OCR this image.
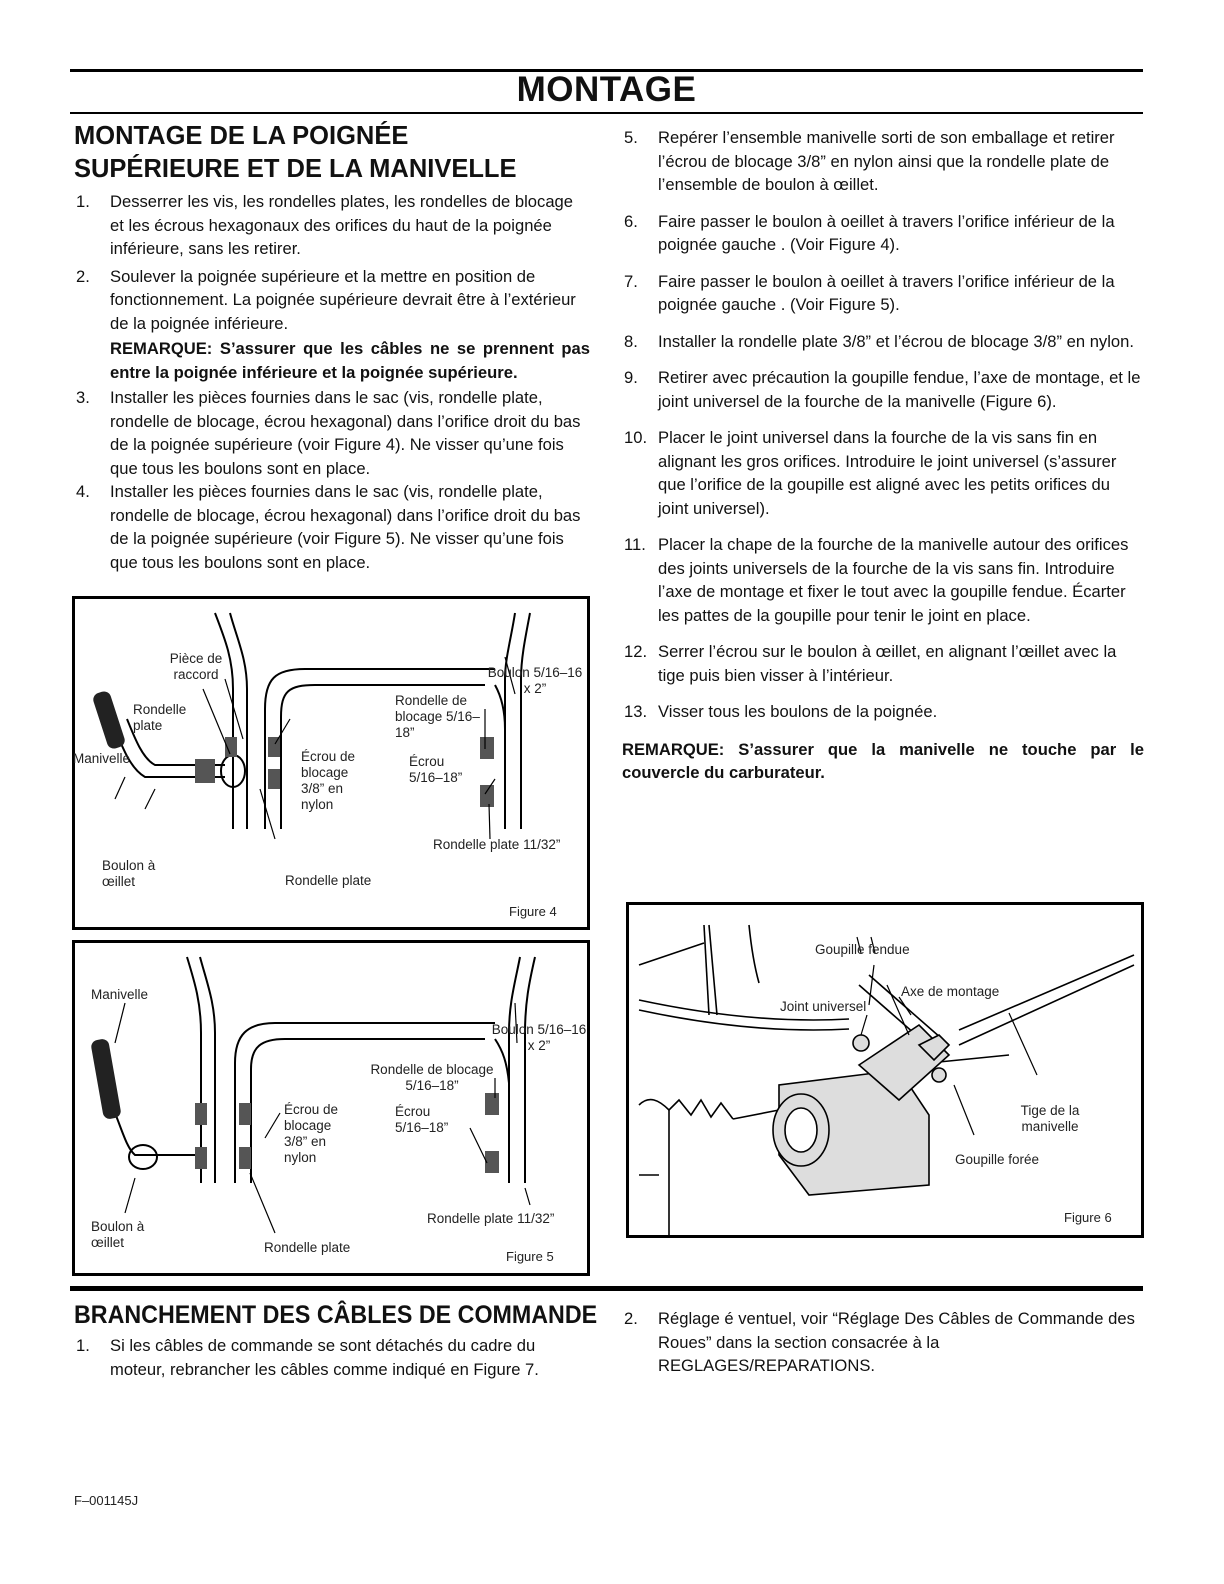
MONTAGE
MONTAGE DE LA POIGNÉE
SUPÉRIEURE ET DE LA MANIVELLE
1. Desserrer les vis, les rondelles plates, les rondelles de blocage et les écrous hexagonaux des orifices du haut de la poignée inférieure, sans les retirer.
2. Soulever la poignée supérieure et la mettre en position de fonctionnement. La poignée supérieure devrait être à l’extérieur de la poignée inférieure.
REMARQUE: S’assurer que les câbles ne se prennent pas entre la poignée inférieure et la poignée supérieure.
3. Installer les pièces fournies dans le sac (vis, rondelle plate, rondelle de blocage, écrou hexagonal) dans l’orifice droit du bas de la poignée supérieure (voir Figure 4). Ne visser qu’une fois que tous les boulons sont en place.
4. Installer les pièces fournies dans le sac (vis, rondelle plate, rondelle de blocage, écrou hexagonal) dans l’orifice droit du bas de la poignée supérieure (voir Figure 5). Ne visser qu’une fois que tous les boulons sont en place.
5. Repérer l’ensemble manivelle sorti de son emballage et retirer l’écrou de blocage 3/8” en nylon ainsi que la rondelle plate de l’ensemble de boulon à œillet.
6. Faire passer le boulon à oeillet à travers l’orifice inférieur de la poignée gauche . (Voir Figure 4).
7. Faire passer le boulon à oeillet à travers l’orifice inférieur de la poignée gauche . (Voir Figure 5).
8. Installer la rondelle plate 3/8” et l’écrou de blocage 3/8” en nylon.
9. Retirer avec précaution la goupille fendue, l’axe de montage, et le joint universel de la fourche de la manivelle (Figure 6).
10. Placer le joint universel dans la fourche de la vis sans fin en alignant les gros orifices. Introduire le joint universel (s’assurer que l’orifice de la goupille est aligné avec les petits orifices du joint universel).
11. Placer la chape de la fourche de la manivelle autour des orifices des joints universels de la fourche de la vis sans fin. Introduire l’axe de montage et fixer le tout avec la goupille fendue. Écarter les pattes de la goupille pour tenir le joint en place.
12. Serrer l’écrou sur le boulon à œillet, en alignant l’œillet avec la tige puis bien visser à l’intérieur.
13. Visser tous les boulons de la poignée.
REMARQUE: S’assurer que la manivelle ne touche par le couvercle du carburateur.
Pièce de raccord
Rondelle plate
Manivelle
Boulon à œillet
Écrou de blocage 3/8” en nylon
Rondelle plate
Rondelle de blocage 5/16–18”
Écrou 5/16–18”
Boulon 5/16–16 x 2”
Rondelle plate 11/32”
Figure 4
Manivelle
Boulon à œillet
Écrou de blocage 3/8” en nylon
Rondelle plate
Rondelle de blocage 5/16–18”
Écrou 5/16–18”
Boulon 5/16–16 x 2”
Rondelle plate 11/32”
Figure 5
Goupille fendue
Axe de montage
Joint universel
Tige de la manivelle
Goupille forée
Figure 6
BRANCHEMENT DES CÂBLES DE COMMANDE
1. Si les câbles de commande se sont détachés du cadre du moteur, rebrancher les câbles comme indiqué en Figure 7.
2. Réglage é ventuel, voir “Réglage Des Câbles de Commande des Roues” dans la section consacrée à la REGLAGES/REPARATIONS.
F–001145J
